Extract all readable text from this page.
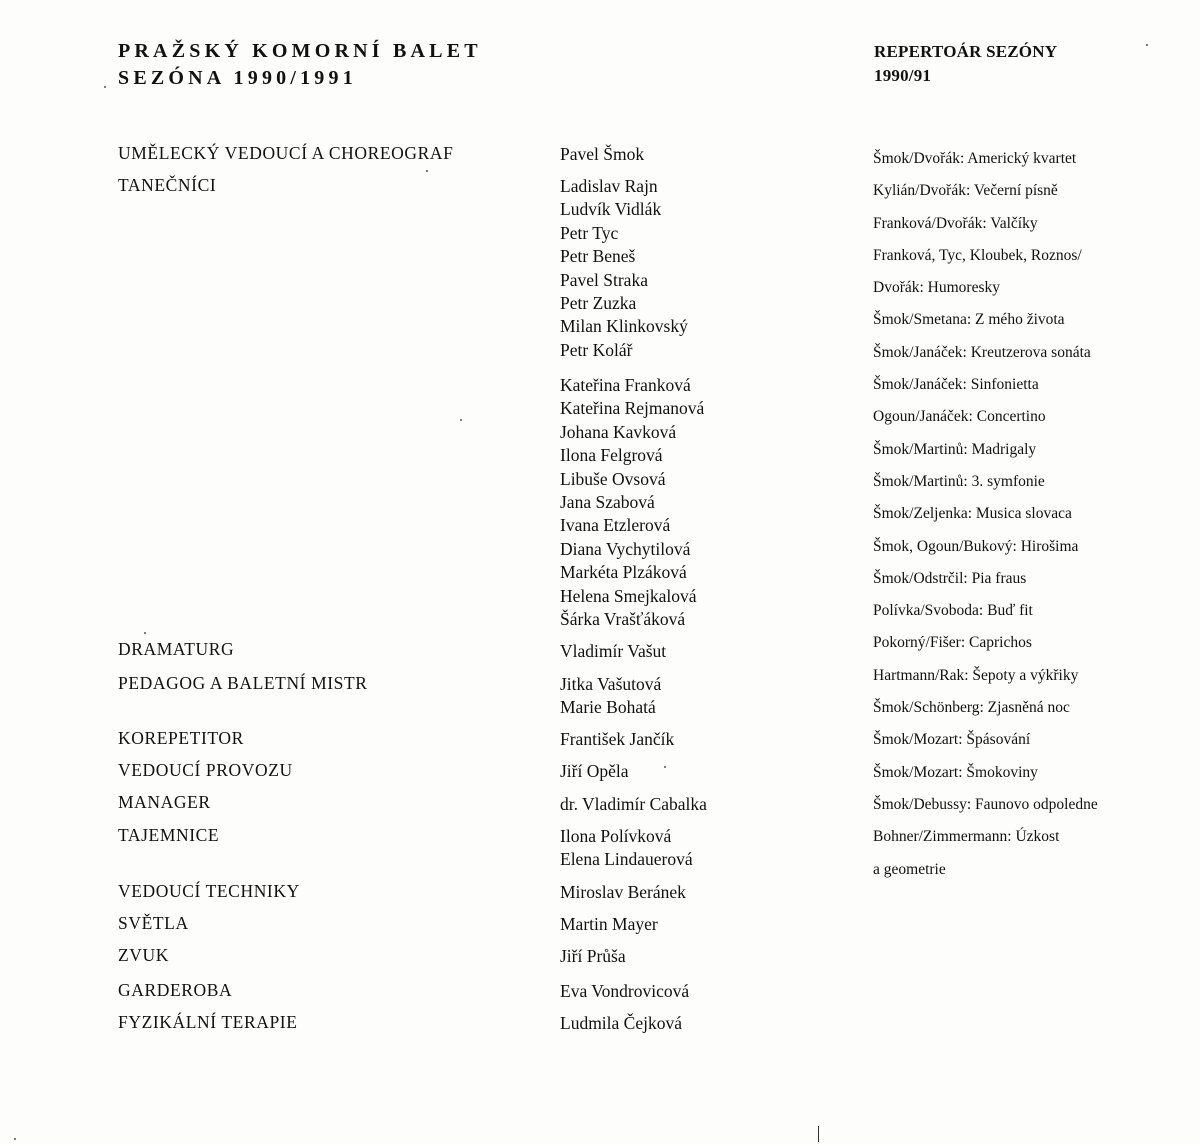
PRAŽSKÝ KOMORNÍ BALET
SEZÓNA 1990/1991
REPERTOÁR SEZÓNY
1990/91
UMĚLECKÝ VEDOUCÍ A CHOREOGRAF
TANEČNÍCI
DRAMATURG
PEDAGOG A BALETNÍ MISTR
KOREPETITOR
VEDOUCÍ PROVOZU
MANAGER
TAJEMNICE
VEDOUCÍ TECHNIKY
SVĚTLA
ZVUK
GARDEROBA
FYZIKÁLNÍ TERAPIE
Pavel Šmok
Ladislav Rajn
Ludvík Vidlák
Petr Tyc
Petr Beneš
Pavel Straka
Petr Zuzka
Milan Klinkovský
Petr Kolář
Kateřina Franková
Kateřina Rejmanová
Johana Kavková
Ilona Felgrová
Libuše Ovsová
Jana Szabová
Ivana Etzlerová
Diana Vychytilová
Markéta Plzáková
Helena Smejkalová
Šárka Vrašťáková
Vladimír Vašut
Jitka Vašutová
Marie Bohatá
František Jančík
Jiří Opěla
dr. Vladimír Cabalka
Ilona Polívková
Elena Lindauerová
Miroslav Beránek
Martin Mayer
Jiří Průša
Eva Vondrovicová
Ludmila Čejková
Šmok/Dvořák: Americký kvartet
Kylián/Dvořák: Večerní písně
Franková/Dvořák: Valčíky
Franková, Tyc, Kloubek, Roznos/
Dvořák: Humoresky
Šmok/Smetana: Z mého života
Šmok/Janáček: Kreutzerova sonáta
Šmok/Janáček: Sinfonietta
Ogoun/Janáček: Concertino
Šmok/Martinů: Madrigaly
Šmok/Martinů: 3. symfonie
Šmok/Zeljenka: Musica slovaca
Šmok, Ogoun/Bukový: Hirošima
Šmok/Odstrčil: Pia fraus
Polívka/Svoboda: Buď fit
Pokorný/Fišer: Caprichos
Hartmann/Rak: Šepoty a výkřiky
Šmok/Schönberg: Zjasněná noc
Šmok/Mozart: Špásování
Šmok/Mozart: Šmokoviny
Šmok/Debussy: Faunovo odpoledne
Bohner/Zimmermann: Úzkost
a geometrie
